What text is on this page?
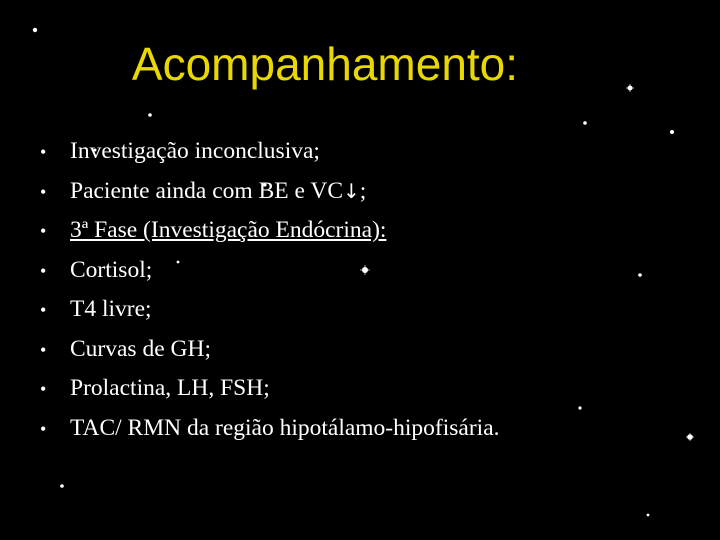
Acompanhamento:
•	Investigação inconclusiva;
•	Paciente ainda com BE e VC↓;
•	3ª Fase (Investigação Endócrina):
•	Cortisol;
•	T4 livre;
•	Curvas de GH;
•	Prolactina, LH, FSH;
•	TAC/ RMN da região hipotálamo-hipofisária.
